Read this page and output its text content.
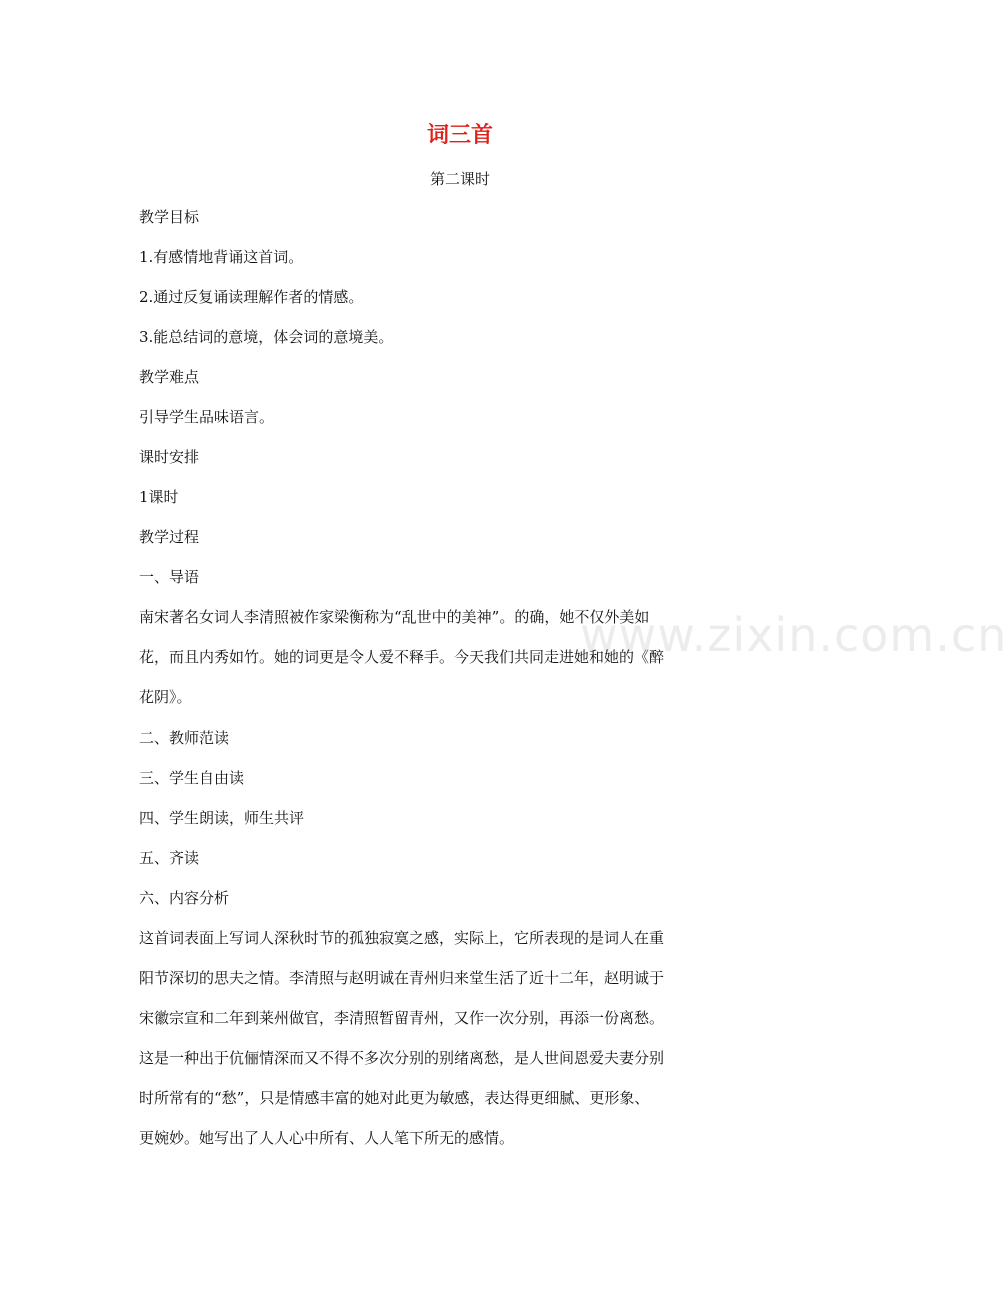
www.zixin.com.cn
词三首
第二课时
教学目标
1.有感情地背诵这首词。
2.通过反复诵读理解作者的情感。
3.能总结词的意境，体会词的意境美。
教学难点
引导学生品味语言。
课时安排
1课时
教学过程
一、导语
南宋著名女词人李清照被作家梁衡称为“乱世中的美神”。的确，她不仅外美如
花，而且内秀如竹。她的词更是令人爱不释手。今天我们共同走进她和她的《醉
花阴》。
二、教师范读
三、学生自由读
四、学生朗读，师生共评
五、齐读
六、内容分析
这首词表面上写词人深秋时节的孤独寂寞之感，实际上，它所表现的是词人在重
阳节深切的思夫之情。李清照与赵明诚在青州归来堂生活了近十二年，赵明诚于
宋徽宗宣和二年到莱州做官，李清照暂留青州，又作一次分别，再添一份离愁。
这是一种出于伉俪情深而又不得不多次分别的别绪离愁，是人世间恩爱夫妻分别
时所常有的“愁”，只是情感丰富的她对此更为敏感，表达得更细腻、更形象、
更婉妙。她写出了人人心中所有、人人笔下所无的感情。
